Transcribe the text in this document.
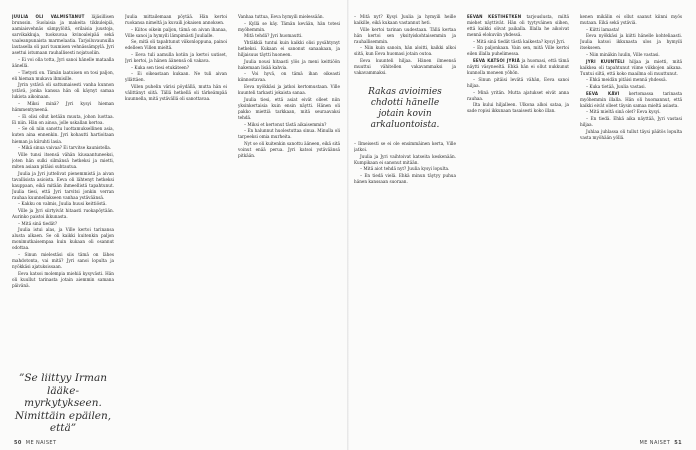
JUULIA OLI VALMISTANUT läjäsillisen brunssin. Suolaisia ja makeita tikkuleipiä, aamiaisvehnäs sämpylöitä, erilaisia juustoja, sarvikakkuja, tuoksuvaa kvinoaleipää sekä vaaleanpunaista marmelaatia. Tarjoiluvaunuilla lautasella oli pari tuumisen vehnässämpylä. Jyri asettui istumaan rauhallisesti nojatuoliin.

– Ei voi olla totta, Jyri sanoi hänelle mataalla äänellä.

– Tietysti on. Tämän laatuisen on tosi paljon, eli hieman mukava ihmisille.

Jyrin ystävä oli sattumaisesti vanha kunnon ystävä, jonka kanssa hän oli käynyt samaa lukiota aikoinaan.

– Miksi minä? Jyri kysyi hieman hämmentyneenä.

– Ei olisi ollut ketään muuta, johon luottaa. Ei niin. Hän on ainoa, jolle uskallan kertoa.

– Se oli niin sanottu luottamuksellinen asia, kuten aina ennenkin. Jyri kohautti hartioitaan hieman ja kiiruhti lasia.

– Mikä sinua vaivaa? Ei tarvitse kaunistella.

Ville tunsi itsensä vähän kiusaantuneeksi, joten hän sulki silmänsä hetkeksi ja mietti, miten asiaan pitäisi suhtautua.

Juulia ja Jyri juttelivat pienemmistä ja aivan tavallisista asioista. Eeva oli lähtenyt hetkeksi kauppaan, eikä mitään ihmeellistä tapahtunut. Juulia tiesi, että Jyri tarvitsi jonkin verran rauhaa kuunnellakseen vanhaa ystäväänsä.

– Kakku on valmis, Juulia huusi keittiöstä.

Ville ja Jyri siirtyivät hitaasti ruokapöytään. Aurinko paistoi ikkunasta.

– Mitä sinä tiedät?

Juulia istui alas, ja Ville kertoi tarinansa alusta alkaen. Se oli kaikki kuitenkin paljon monimutkaisempaa kuin kukaan oli osannut odottaa.

– Sinun mielestäsi siis tämä on lähes mahdotonta, vai mitä? Jyri sanoi lopulta ja nyökkäsi ajatuksissaan.

Eeva katsoi molempia miehiä kysyvästi. Hän oli kuullut tarinasta jotain aiemmin samana päivänä.

”Se liittyy Irman lääkemyrkytykseen. Nimittäin epäilen, että”

Juulia mittailemaan pöytää. Hän kertoi ruokansa nimeltä ja kuvaili jokaisen annoksen.

– Kiitos oikein paljon, tämä on aivan ihanaa, Ville sanoi ja hymyili lämpimästi Juulialle.

Se, mitä oli tapahtunut viikonloppuna, painoi edelleen Villen mieltä.

– Eeva tuli aamulla kotiin ja kertoi uutiset, Jyri kertoi, ja hänen äänensä oli vakava.

– Kuka sen tiesi etukäteen?

– Ei oikeastaan kukaan. Ne tuli aivan yllättäen.

Villen puhelin värisi pöydällä, mutta hän ei välittänyt siitä. Tällä hetkellä oli tärkeämpää kuunnella, mitä ystävällä oli sanottavaa.

Vanhaa tuttua, Eeva hymyili mielessään.

– Kyllä se käy. Tämän kevään, hän totesi myöhemmin.

Mitä tehdä? Jyri huomautti.

Yhtäkkiä tuntui kuin kaikki olisi pysähtynyt hetkeksi. Kukaan ei sanonut sanaakaan, ja hiljaisuus täytti huoneen.

Juulia nousi hitaasti ylös ja meni keittiöön hakemaan lisää kahvia.

– Voi hyvä, on tämä ihan oikeasti kiinnostavaa.

Eeva nyökkäsi ja jatkoi kertomustaan. Ville kuunteli tarkasti jokaista sanaa.

Juulia tiesi, että asiat eivät olleet niin yksinkertaisia kuin ensin näytti. Hänen oli pakko miettiä tarkkaan, mitä seuraavaksi tehdä.

– Miksi et kertonut tästä aikaisemmin?

– En halunnut huolestuttaa sinua. Minulla oli tarpeeksi omia murheita.

Nyt se oli kuitenkin sanottu ääneen, eikä sitä voinut enää perua. Jyri katsoi ystäväänsä pitkään.

– Mitä nyt? Kysyi Juulia ja hymyili heille kaikille, eikä kukaan vastannut heti.

Ville kertoi tarinan uudestaan. Tällä kertaa hän kertoi sen yksityiskohtaisemmin ja rauhallisemmin.

– Niin kuin sanoin, hän aloitti, kaikki alkoi siitä, kun Eeva huomasi jotain outoa.

Eeva kuunteli hiljaa. Hänen ilmeensä muuttui vähitellen vakavammaksi ja vakavammaksi.

Rakas avioimies chdotti hänelle jotain kovin arkaluontoista.

– Ilmeisesti se ei ole ensimmäinen kerta, Ville jatkoi.

Juulia ja Jyri vaihtoivat katseita keskenään. Kumpikaan ei sanonut mitään.

– Mitä aiot tehdä nyt? Juulia kysyi lopulta.

– En tiedä vielä. Ehkä minun täytyy puhua hänen kanssaan suoraan.

EEVAN KESTIHETKEN tarjouslusta, miltä miehet näyttivät. Hän oli tyytyväinen siihen, että kaikki olivat paikalla. Illalla he aikoivat mennä elokuviin yhdessä.

– Mitä sinä tiedät tästä kaikesta? kysyi Jyri.

– En paljonkaan. Vain sen, mitä Ville kertoi eilen illalla puhelimessa.

EEVA KATSOI JYRIÄ ja huomasi, että tämä näytti väsyneeltä. Ehkä hän ei ollut nukkunut kunnolla moneen yöhön.

– Sinun pitäisi levätä vähän, Eeva sanoi hiljaa.

– Minä yritän. Mutta ajatukset eivät anna rauhaa.

Ilta kului hiljalleen. Ulkona alkoi sataa, ja sade ropisi ikkunaan tasaisesti koko illan.

kenen mikälin ei ollut saanut kiinni myös mutaan. Eikä sekä ystäviä.

– Kiitti lamasta!

Eeva nyökkäsi ja kiitti hänelle kohteliaasti. Juulia katsoi ikkunasta ulos ja hymyili itsekseen.

– Niin minäkin luulin, Ville vastasi.

JYRI KUUNTELI hiljaa ja mietti, mitä kaikkea oli tapahtunut viime viikkojen aikana. Tuntui siltä, että koko maailma oli muuttunut.

– Ehkä meidän pitäisi mennä yhdessä.

– Kuka tietää, Juulia vastasi.

EEVA KÄVI kertomassa tarinasta myöhemmin illalla. Hän oli huomannut, että kaikki eivät olleet täysin samaa mieltä asiasta.

– Mitä mieltä sinä olet? Eeva kysyi.

– En tiedä. Ehkä aika näyttää, Jyri vastasi hiljaa.

Juhlaa juhlassa oli tullut täysi päätös lopulta vasta myöhään yöllä.

50 ME NAISET	ME NAISET 51
